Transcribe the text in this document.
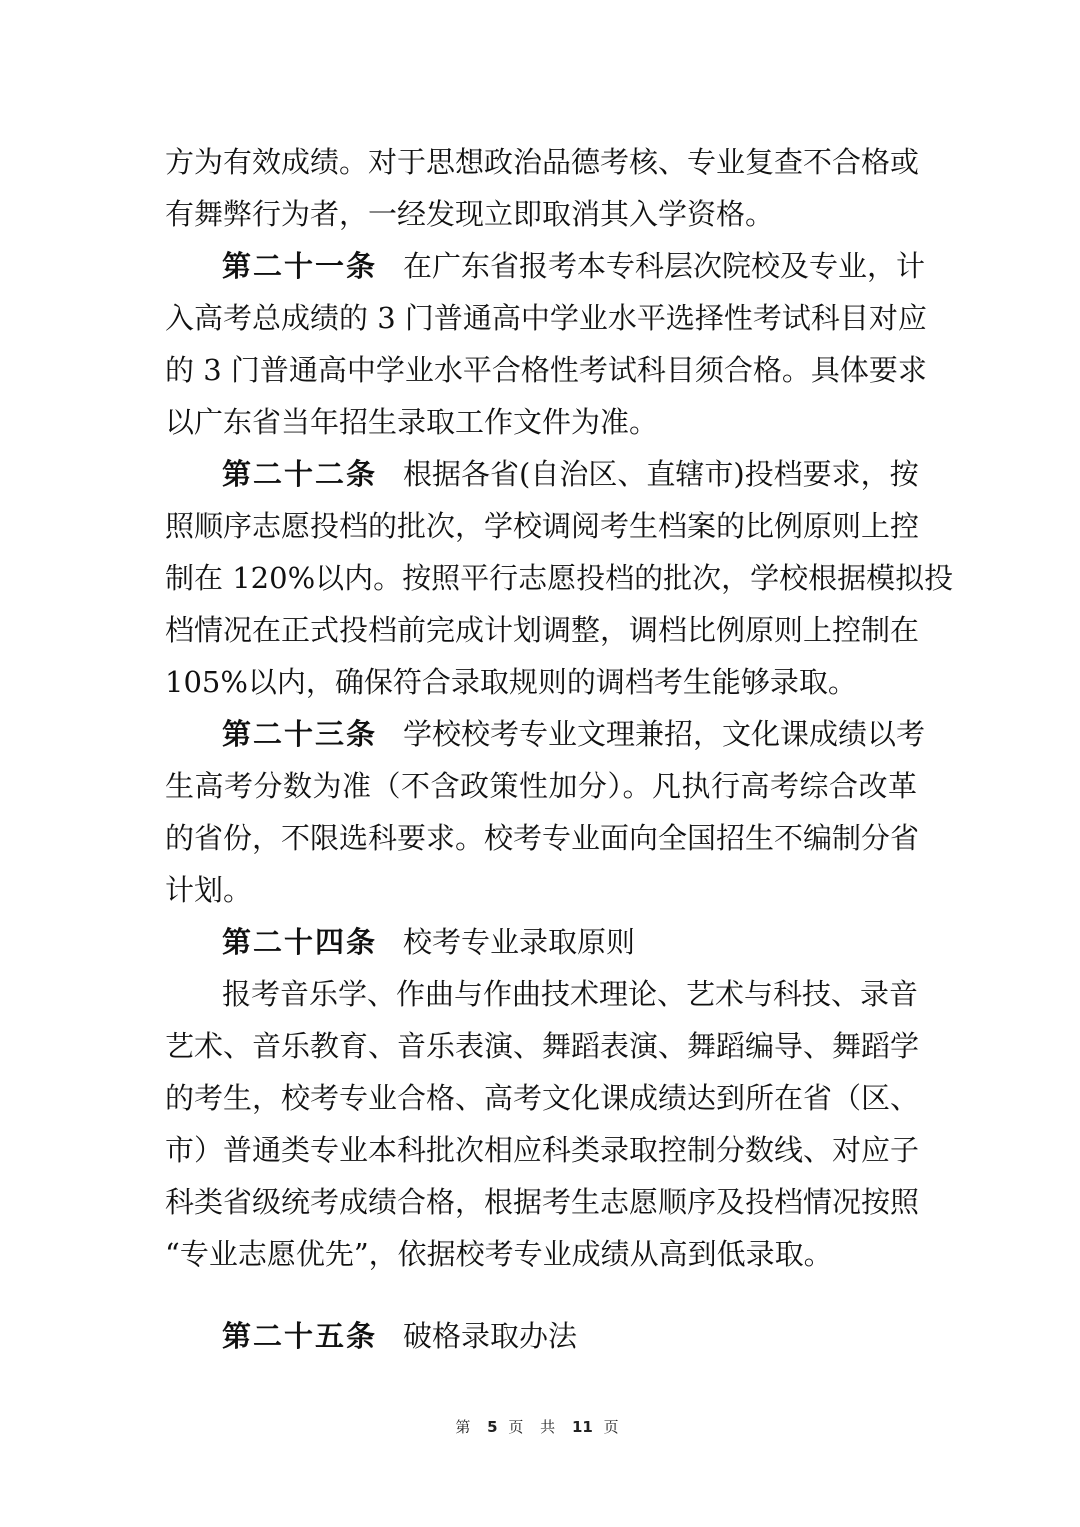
方为有效成绩。对于思想政治品德考核、专业复查不合格或
有舞弊行为者，一经发现立即取消其入学资格。
第二十一条 在广东省报考本专科层次院校及专业，计
入高考总成绩的 3 门普通高中学业水平选择性考试科目对应
的 3 门普通高中学业水平合格性考试科目须合格。具体要求
以广东省当年招生录取工作文件为准。
第二十二条 根据各省(自治区、直辖市)投档要求，按
照顺序志愿投档的批次，学校调阅考生档案的比例原则上控
制在 120%以内。按照平行志愿投档的批次，学校根据模拟投
档情况在正式投档前完成计划调整，调档比例原则上控制在
105%以内，确保符合录取规则的调档考生能够录取。
第二十三条 学校校考专业文理兼招，文化课成绩以考
生高考分数为准（不含政策性加分）。凡执行高考综合改革
的省份，不限选科要求。校考专业面向全国招生不编制分省
计划。
第二十四条 校考专业录取原则
报考音乐学、作曲与作曲技术理论、艺术与科技、录音
艺术、音乐教育、音乐表演、舞蹈表演、舞蹈编导、舞蹈学
的考生，校考专业合格、高考文化课成绩达到所在省（区、
市）普通类专业本科批次相应科类录取控制分数线、对应子
科类省级统考成绩合格，根据考生志愿顺序及投档情况按照
“专业志愿优先”，依据校考专业成绩从高到低录取。
第二十五条 破格录取办法
第 5 页 共 11 页
